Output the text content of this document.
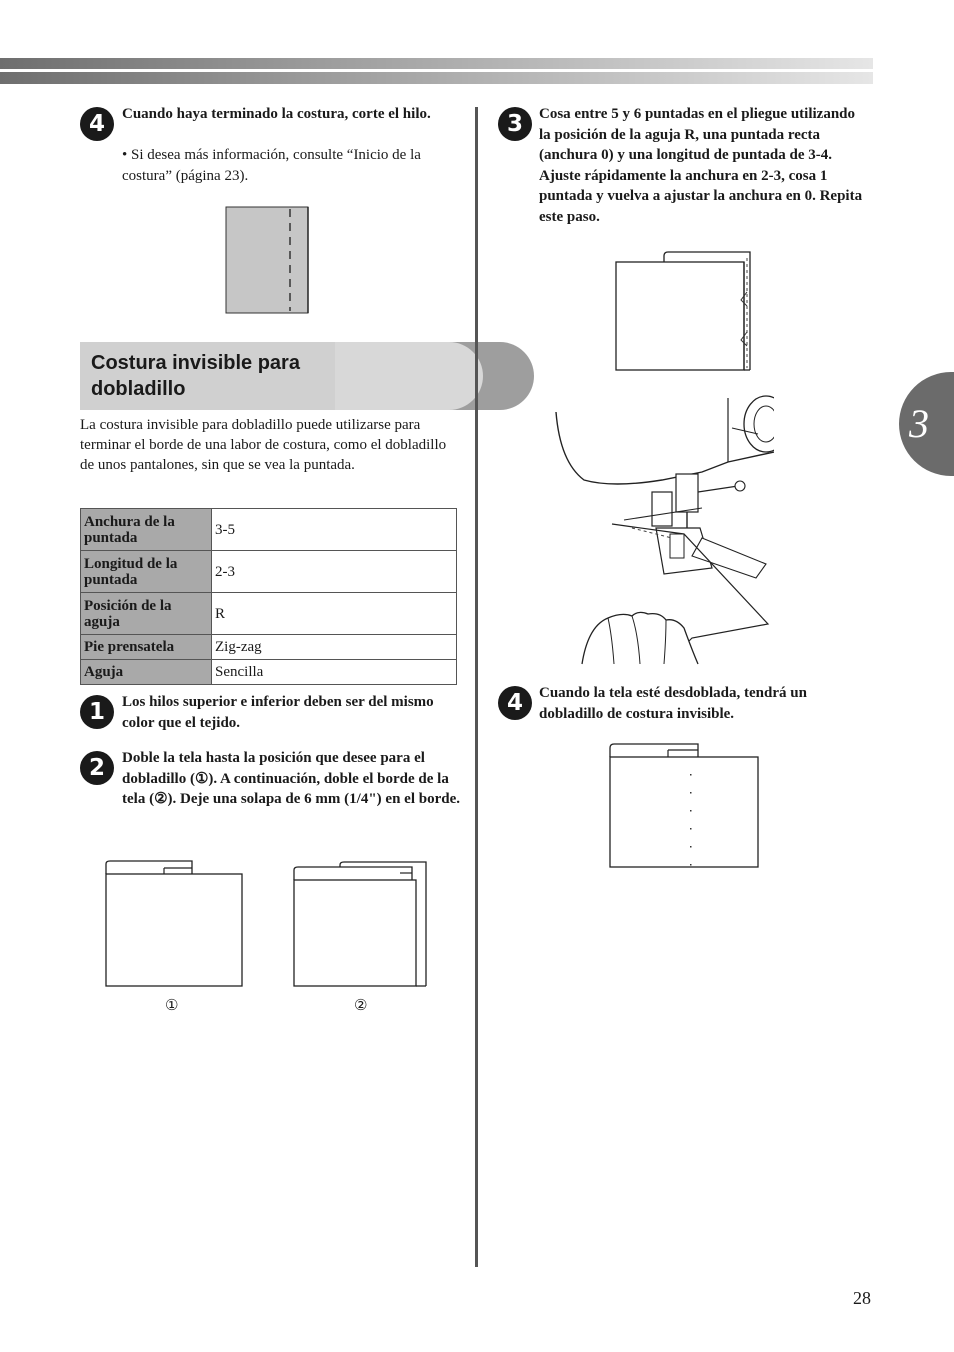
4	Cuando haya terminado la costura, corte el hilo.
• Si desea más información, consulte “Inicio de la costura” (página 23).
Costura invisible para dobladillo
La costura invisible para dobladillo puede utilizarse para terminar el borde de una labor de costura, como el dobladillo de unos pantalones, sin que se vea la puntada.
Anchura de la puntada	3-5
Longitud de la puntada	2-3
Posición de la aguja	R
Pie prensatela	Zig-zag
Aguja	Sencilla
1	Los hilos superior e inferior deben ser del mismo color que el tejido.
2	Doble la tela hasta la posición que desee para el dobladillo (①). A continuación, doble el borde de la tela (②). Deje una solapa de 6 mm (1/4") en el borde.
①	②
3	Cosa entre 5 y 6 puntadas en el pliegue utilizando la posición de la aguja R, una puntada recta (anchura 0) y una longitud de puntada de 3-4. Ajuste rápidamente la anchura en 2-3, cosa 1 puntada y vuelva a ajustar la anchura en 0. Repita este paso.
4	Cuando la tela esté desdoblada, tendrá un dobladillo de costura invisible.
3
28
